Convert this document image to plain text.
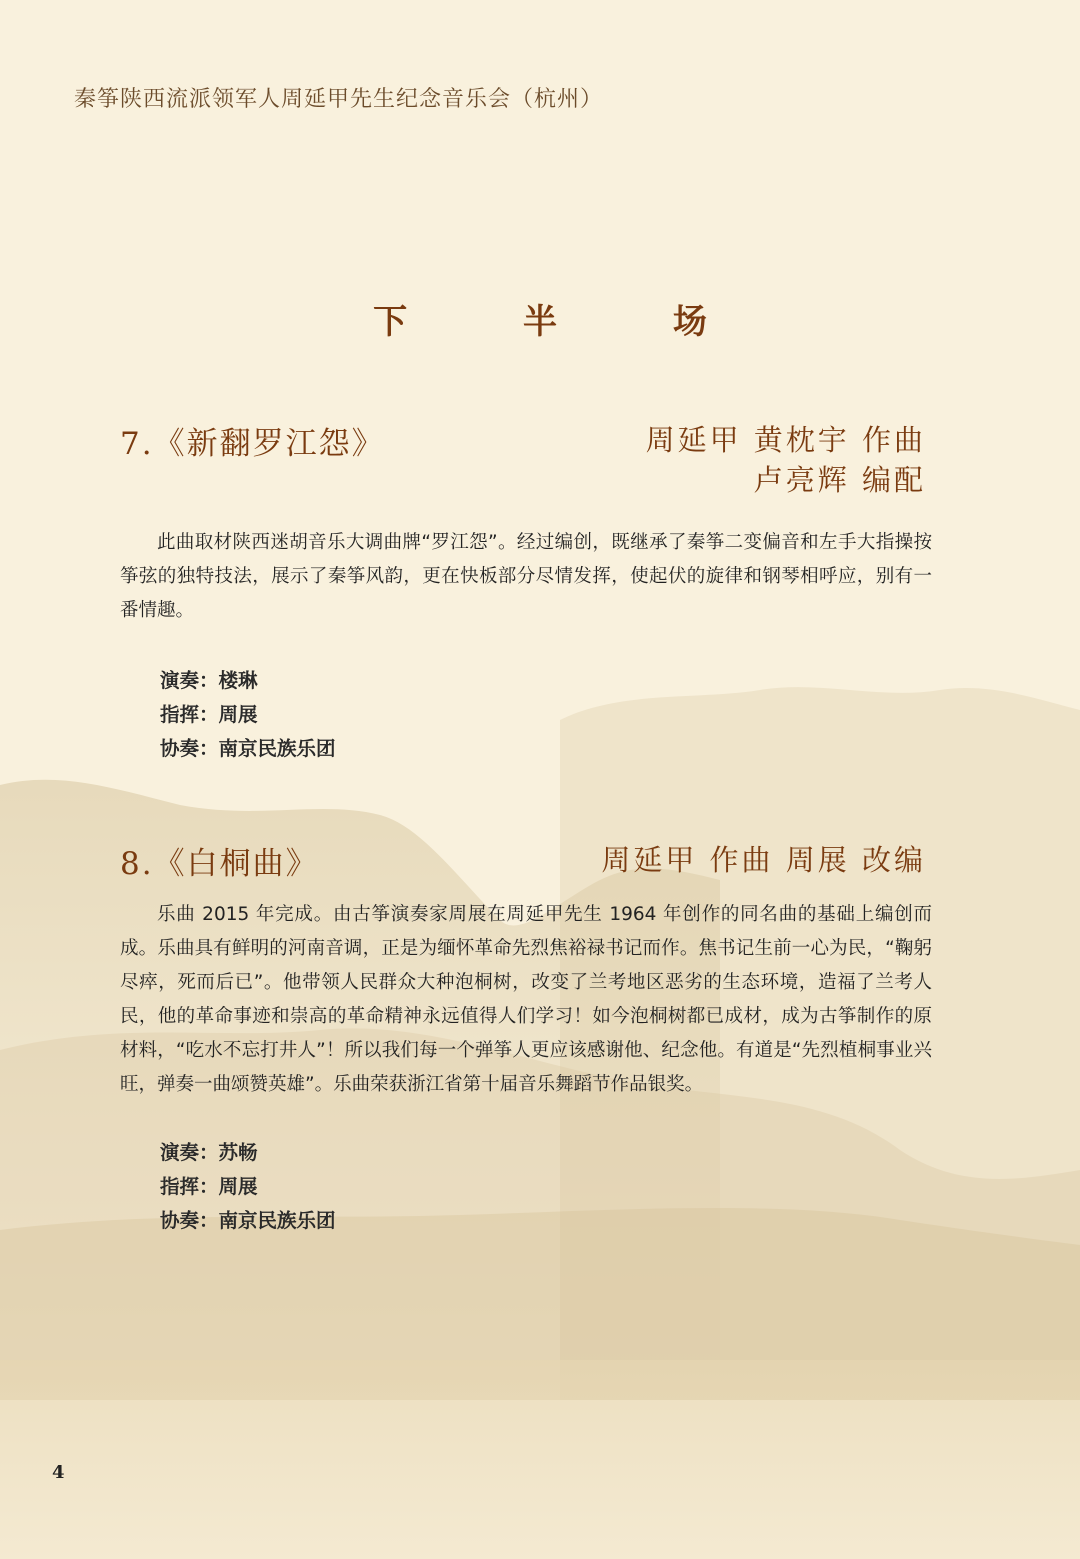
秦筝陕西流派领军人周延甲先生纪念音乐会（杭州）
下 半 场
7.《新翻罗江怨》	周延甲 黄枕宇 作曲
卢亮辉 编配

此曲取材陕西迷胡音乐大调曲牌“罗江怨”。经过编创，既继承了秦筝二变偏音和左手大指操按筝弦的独特技法，展示了秦筝风韵，更在快板部分尽情发挥，使起伏的旋律和钢琴相呼应，别有一番情趣。

演奏：楼琳
指挥：周展
协奏：南京民族乐团
8.《白桐曲》	周延甲 作曲 周展 改编

乐曲 2015 年完成。由古筝演奏家周展在周延甲先生 1964 年创作的同名曲的基础上编创而成。乐曲具有鲜明的河南音调，正是为缅怀革命先烈焦裕禄书记而作。焦书记生前一心为民，“鞠躬尽瘁，死而后已”。他带领人民群众大种泡桐树，改变了兰考地区恶劣的生态环境，造福了兰考人民，他的革命事迹和崇高的革命精神永远值得人们学习！如今泡桐树都已成材，成为古筝制作的原材料，“吃水不忘打井人”！所以我们每一个弹筝人更应该感谢他、纪念他。有道是“先烈植桐事业兴旺，弹奏一曲颂赞英雄”。乐曲荣获浙江省第十届音乐舞蹈节作品银奖。

演奏：苏畅
指挥：周展
协奏：南京民族乐团
4
